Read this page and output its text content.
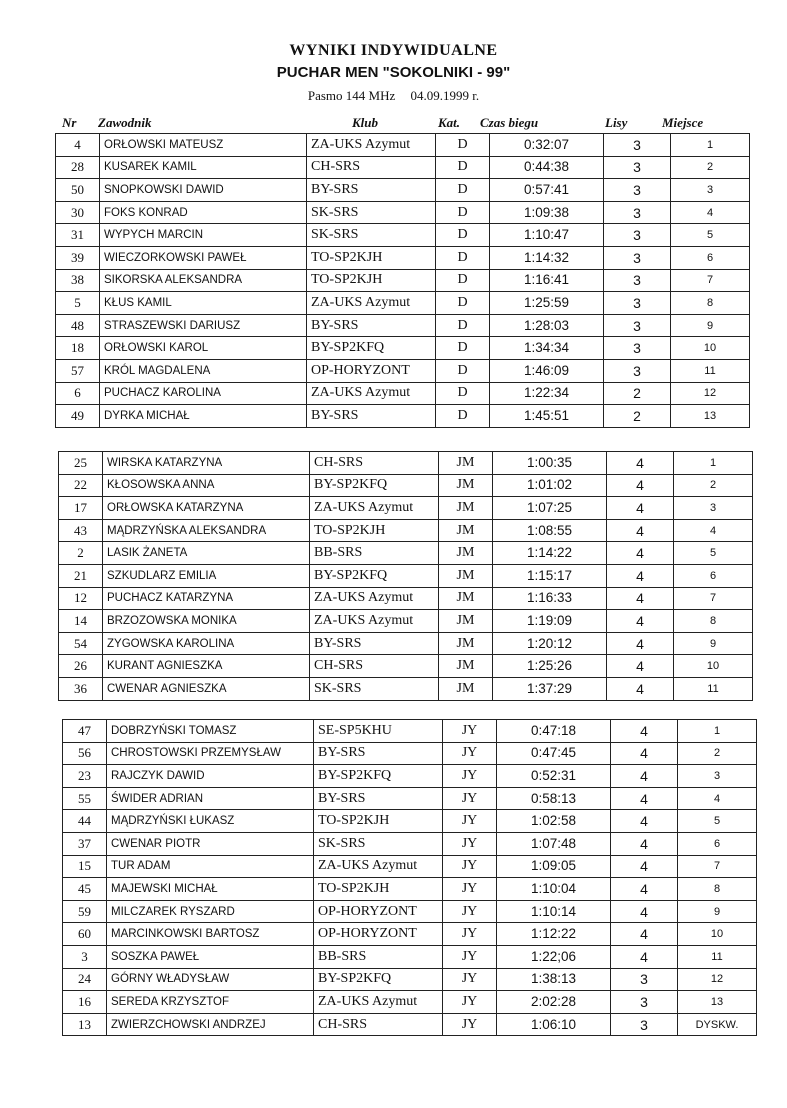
WYNIKI INDYWIDUALNE
PUCHAR MEN "SOKOLNIKI - 99"
Pasmo 144 MHz 04.09.1999 r.
Nr Zawodnik	Klub	Kat. Czas biegu	Lisy	Miejsce
4	ORŁOWSKI MATEUSZ	ZA-UKS Azymut	D	0:32:07	3	1
28	KUSAREK KAMIL	CH-SRS	D	0:44:38	3	2
50	SNOPKOWSKI DAWID	BY-SRS	D	0:57:41	3	3
30	FOKS KONRAD	SK-SRS	D	1:09:38	3	4
31	WYPYCH MARCIN	SK-SRS	D	1:10:47	3	5
39	WIECZORKOWSKI PAWEŁ	TO-SP2KJH	D	1:14:32	3	6
38	SIKORSKA ALEKSANDRA	TO-SP2KJH	D	1:16:41	3	7
5	KŁUS KAMIL	ZA-UKS Azymut	D	1:25:59	3	8
48	STRASZEWSKI DARIUSZ	BY-SRS	D	1:28:03	3	9
18	ORŁOWSKI KAROL	BY-SP2KFQ	D	1:34:34	3	10
57	KRÓL MAGDALENA	OP-HORYZONT	D	1:46:09	3	11
6	PUCHACZ KAROLINA	ZA-UKS Azymut	D	1:22:34	2	12
49	DYRKA MICHAŁ	BY-SRS	D	1:45:51	2	13
25	WIRSKA KATARZYNA	CH-SRS	JM	1:00:35	4	1
22	KŁOSOWSKA ANNA	BY-SP2KFQ	JM	1:01:02	4	2
17	ORŁOWSKA KATARZYNA	ZA-UKS Azymut	JM	1:07:25	4	3
43	MĄDRZYŃSKA ALEKSANDRA	TO-SP2KJH	JM	1:08:55	4	4
2	LASIK ŻANETA	BB-SRS	JM	1:14:22	4	5
21	SZKUDLARZ EMILIA	BY-SP2KFQ	JM	1:15:17	4	6
12	PUCHACZ KATARZYNA	ZA-UKS Azymut	JM	1:16:33	4	7
14	BRZOZOWSKA MONIKA	ZA-UKS Azymut	JM	1:19:09	4	8
54	ZYGOWSKA KAROLINA	BY-SRS	JM	1:20:12	4	9
26	KURANT AGNIESZKA	CH-SRS	JM	1:25:26	4	10
36	CWENAR AGNIESZKA	SK-SRS	JM	1:37:29	4	11
47	DOBRZYŃSKI TOMASZ	SE-SP5KHU	JY	0:47:18	4	1
56	CHROSTOWSKI PRZEMYSŁAW	BY-SRS	JY	0:47:45	4	2
23	RAJCZYK DAWID	BY-SP2KFQ	JY	0:52:31	4	3
55	ŚWIDER ADRIAN	BY-SRS	JY	0:58:13	4	4
44	MĄDRZYŃSKI ŁUKASZ	TO-SP2KJH	JY	1:02:58	4	5
37	CWENAR PIOTR	SK-SRS	JY	1:07:48	4	6
15	TUR ADAM	ZA-UKS Azymut	JY	1:09:05	4	7
45	MAJEWSKI MICHAŁ	TO-SP2KJH	JY	1:10:04	4	8
59	MILCZAREK RYSZARD	OP-HORYZONT	JY	1:10:14	4	9
60	MARCINKOWSKI BARTOSZ	OP-HORYZONT	JY	1:12:22	4	10
3	SOSZKA PAWEŁ	BB-SRS	JY	1:22;06	4	11
24	GÓRNY WŁADYSŁAW	BY-SP2KFQ	JY	1:38:13	3	12
16	SEREDA KRZYSZTOF	ZA-UKS Azymut	JY	2:02:28	3	13
13	ZWIERZCHOWSKI ANDRZEJ	CH-SRS	JY	1:06:10	3	DYSKW.
